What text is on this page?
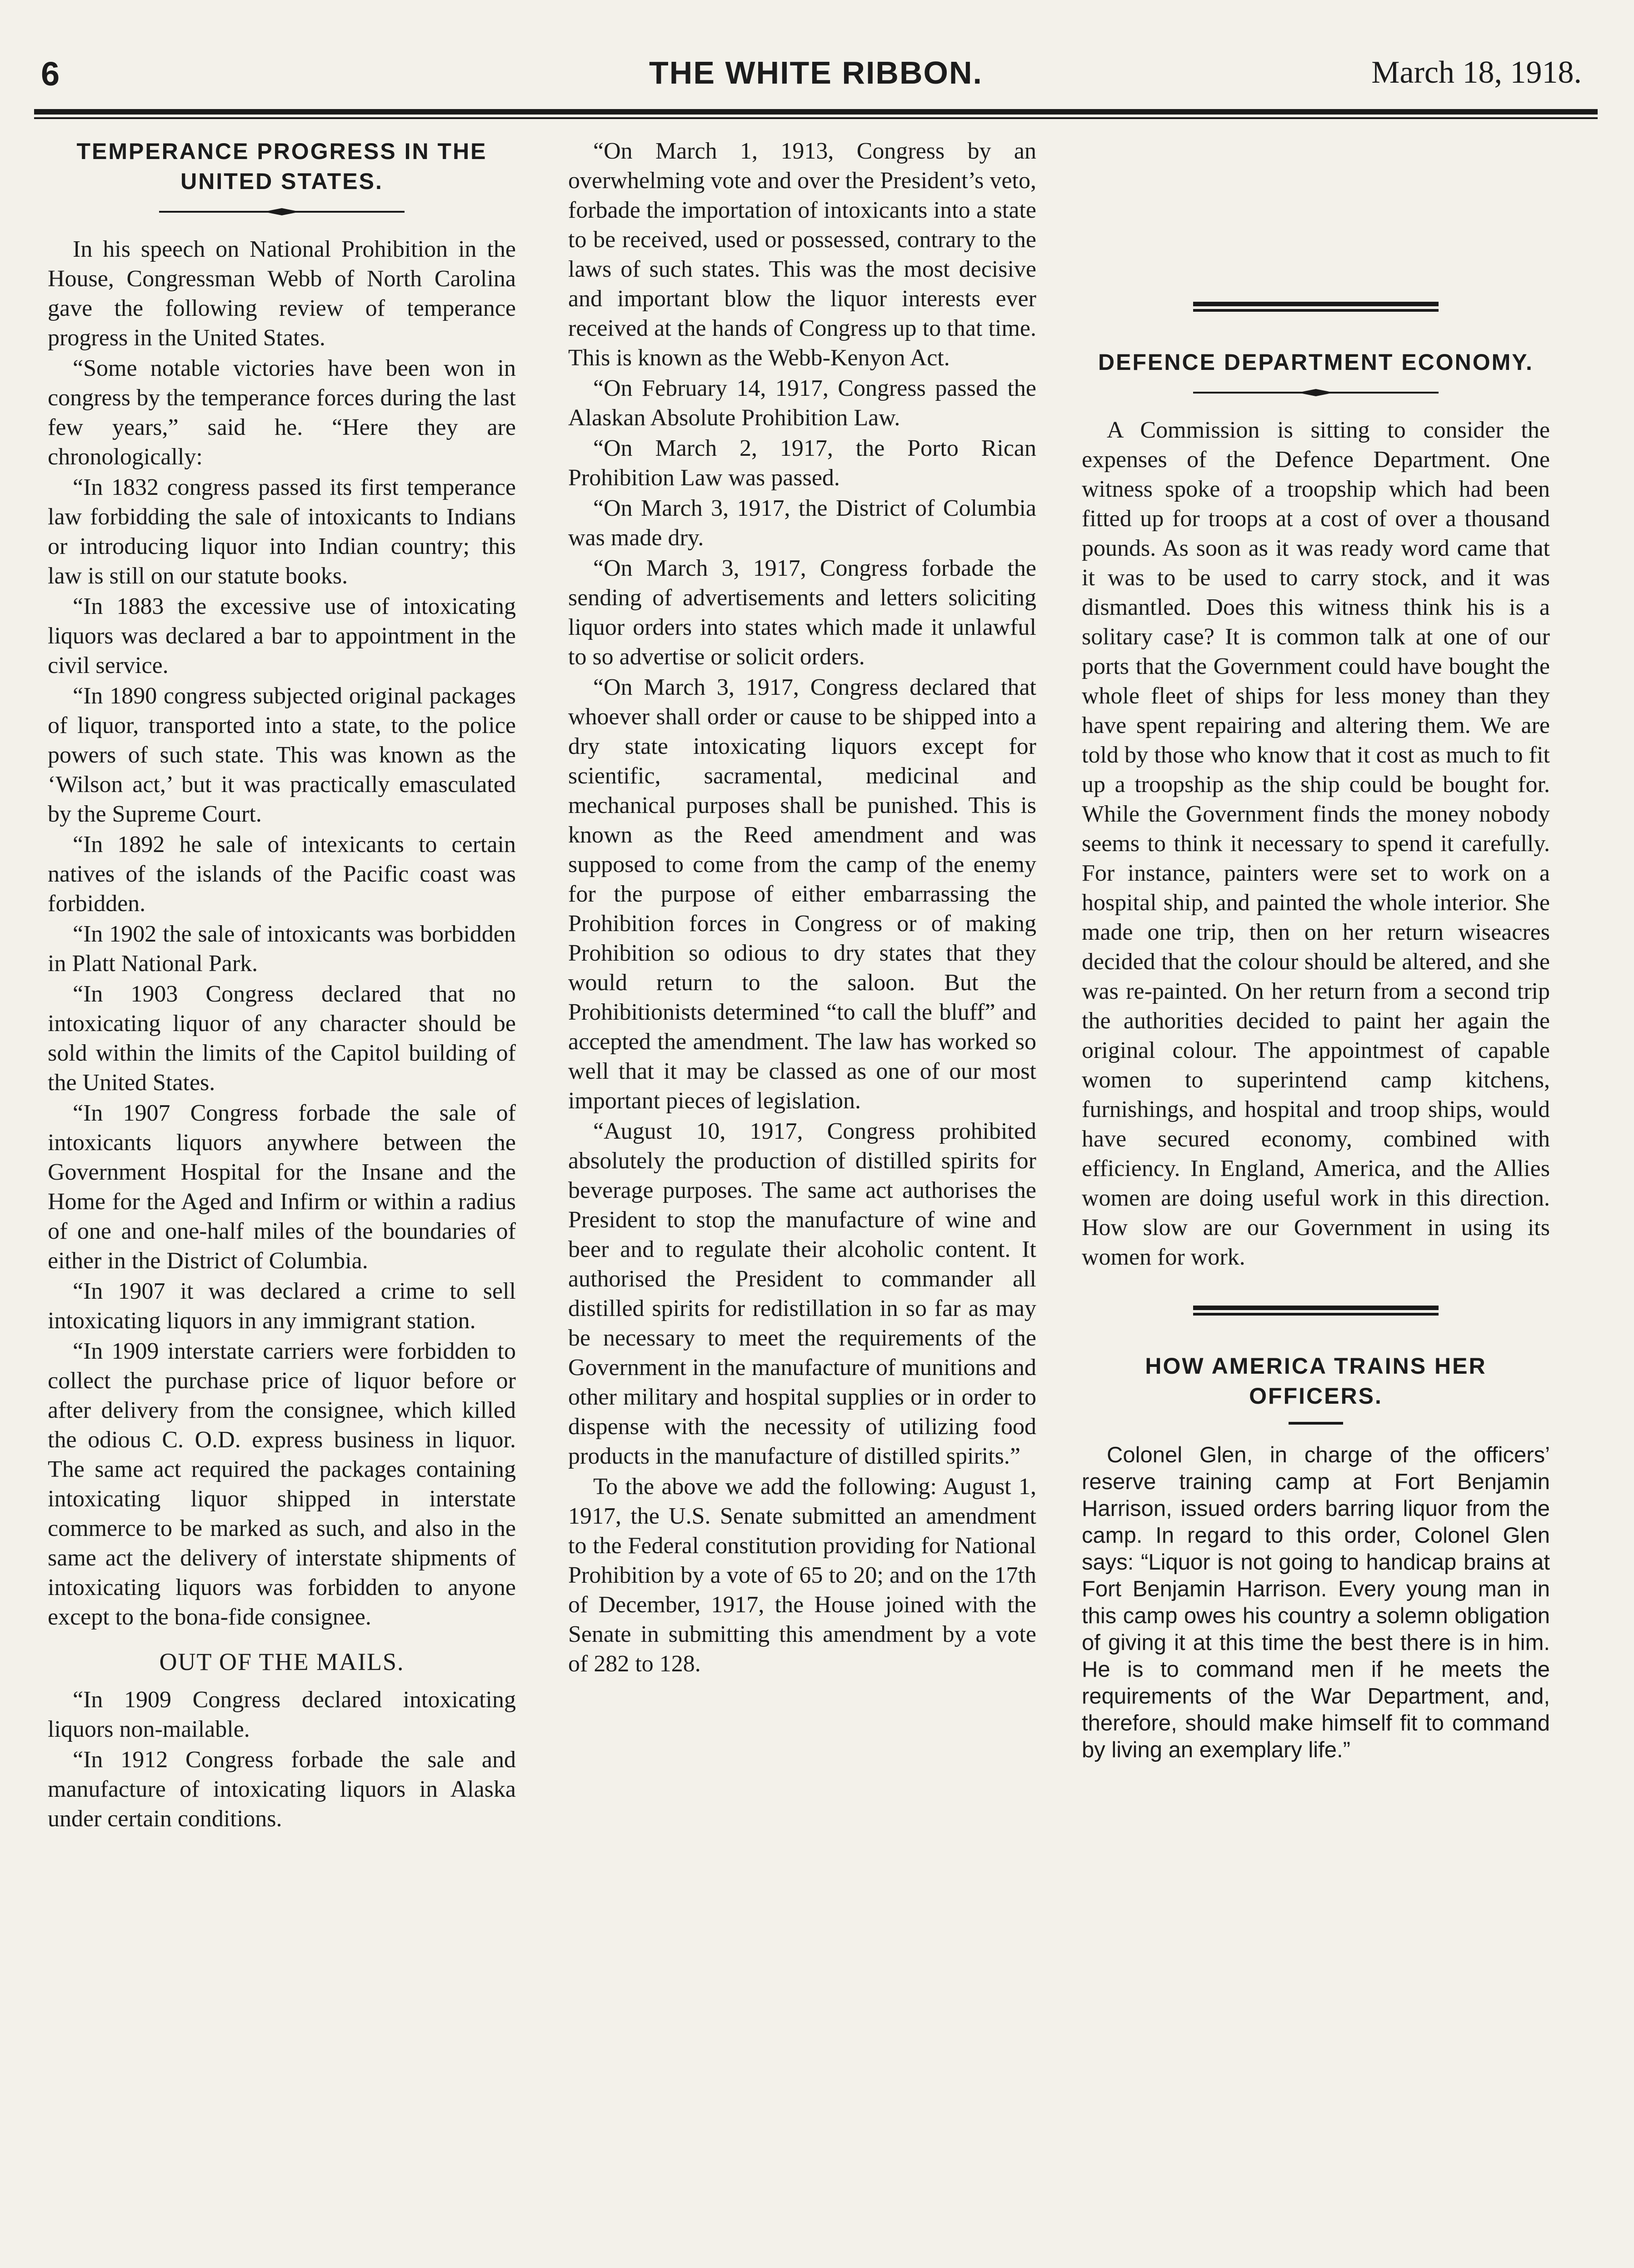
6	THE WHITE RIBBON.	March 18, 1918.
TEMPERANCE PROGRESS IN THE UNITED STATES.

In his speech on National Prohibition in the House, Congressman Webb of North Carolina gave the following review of temperance progress in the United States.

“Some notable victories have been won in congress by the temperance forces during the last few years,” said he. “Here they are chronologically:

“In 1832 congress passed its first temperance law forbidding the sale of intoxicants to Indians or introducing liquor into Indian country; this law is still on our statute books.

“In 1883 the excessive use of intoxicating liquors was declared a bar to appointment in the civil service.

“In 1890 congress subjected original packages of liquor, transported into a state, to the police powers of such state. This was known as the ‘Wilson act,’ but it was practically emasculated by the Supreme Court.

“In 1892 he sale of intexicants to certain natives of the islands of the Pacific coast was forbidden.

“In 1902 the sale of intoxicants was borbidden in Platt National Park.

“In 1903 Congress declared that no intoxicating liquor of any character should be sold within the limits of the Capitol building of the United States.

“In 1907 Congress forbade the sale of intoxicants liquors anywhere between the Government Hospital for the Insane and the Home for the Aged and Infirm or within a radius of one and one-half miles of the boundaries of either in the District of Columbia.

“In 1907 it was declared a crime to sell intoxicating liquors in any immigrant station.

“In 1909 interstate carriers were forbidden to collect the purchase price of liquor before or after delivery from the consignee, which killed the odious C. O.D. express business in liquor. The same act required the packages containing intoxicating liquor shipped in interstate commerce to be marked as such, and also in the same act the delivery of interstate shipments of intoxicating liquors was forbidden to anyone except to the bona-fide consignee.

OUT OF THE MAILS.

“In 1909 Congress declared intoxicating liquors non-mailable.

“In 1912 Congress forbade the sale and manufacture of intoxicating liquors in Alaska under certain conditions.

“On March 1, 1913, Congress by an overwhelming vote and over the President’s veto, forbade the importation of intoxicants into a state to be received, used or possessed, contrary to the laws of such states. This was the most decisive and important blow the liquor interests ever received at the hands of Congress up to that time. This is known as the Webb-Kenyon Act.

“On February 14, 1917, Congress passed the Alaskan Absolute Prohibition Law.

“On March 2, 1917, the Porto Rican Prohibition Law was passed.

“On March 3, 1917, the District of Columbia was made dry.

“On March 3, 1917, Congress forbade the sending of advertisements and letters soliciting liquor orders into states which made it unlawful to so advertise or solicit orders.

“On March 3, 1917, Congress declared that whoever shall order or cause to be shipped into a dry state intoxicating liquors except for scientific, sacramental, medicinal and mechanical purposes shall be punished. This is known as the Reed amendment and was supposed to come from the camp of the enemy for the purpose of either embarrassing the Prohibition forces in Congress or of making Prohibition so odious to dry states that they would return to the saloon. But the Prohibitionists determined “to call the bluff” and accepted the amendment. The law has worked so well that it may be classed as one of our most important pieces of legislation.

“August 10, 1917, Congress prohibited absolutely the production of distilled spirits for beverage purposes. The same act authorises the President to stop the manufacture of wine and beer and to regulate their alcoholic content. It authorised the President to commander all distilled spirits for redistillation in so far as may be necessary to meet the requirements of the Government in the manufacture of munitions and other military and hospital supplies or in order to dispense with the necessity of utilizing food products in the manufacture of distilled spirits.”

To the above we add the following: August 1, 1917, the U.S. Senate submitted an amendment to the Federal constitution providing for National Prohibition by a vote of 65 to 20; and on the 17th of December, 1917, the House joined with the Senate in submitting this amendment by a vote of 282 to 128.

DEFENCE DEPARTMENT ECONOMY.

A Commission is sitting to consider the expenses of the Defence Department. One witness spoke of a troopship which had been fitted up for troops at a cost of over a thousand pounds. As soon as it was ready word came that it was to be used to carry stock, and it was dismantled. Does this witness think his is a solitary case? It is common talk at one of our ports that the Government could have bought the whole fleet of ships for less money than they have spent repairing and altering them. We are told by those who know that it cost as much to fit up a troopship as the ship could be bought for. While the Government finds the money nobody seems to think it necessary to spend it carefully. For instance, painters were set to work on a hospital ship, and painted the whole interior. She made one trip, then on her return wiseacres decided that the colour should be altered, and she was re-painted. On her return from a second trip the authorities decided to paint her again the original colour. The appointmest of capable women to superintend camp kitchens, furnishings, and hospital and troop ships, would have secured economy, combined with efficiency. In England, America, and the Allies women are doing useful work in this direction. How slow are our Government in using its women for work.

HOW AMERICA TRAINS HER OFFICERS.

Colonel Glen, in charge of the officers’ reserve training camp at Fort Benjamin Harrison, issued orders barring liquor from the camp. In regard to this order, Colonel Glen says: “Liquor is not going to handicap brains at Fort Benjamin Harrison. Every young man in this camp owes his country a solemn obligation of giving it at this time the best there is in him. He is to command men if he meets the requirements of the War Department, and, therefore, should make himself fit to command by living an exemplary life.”
